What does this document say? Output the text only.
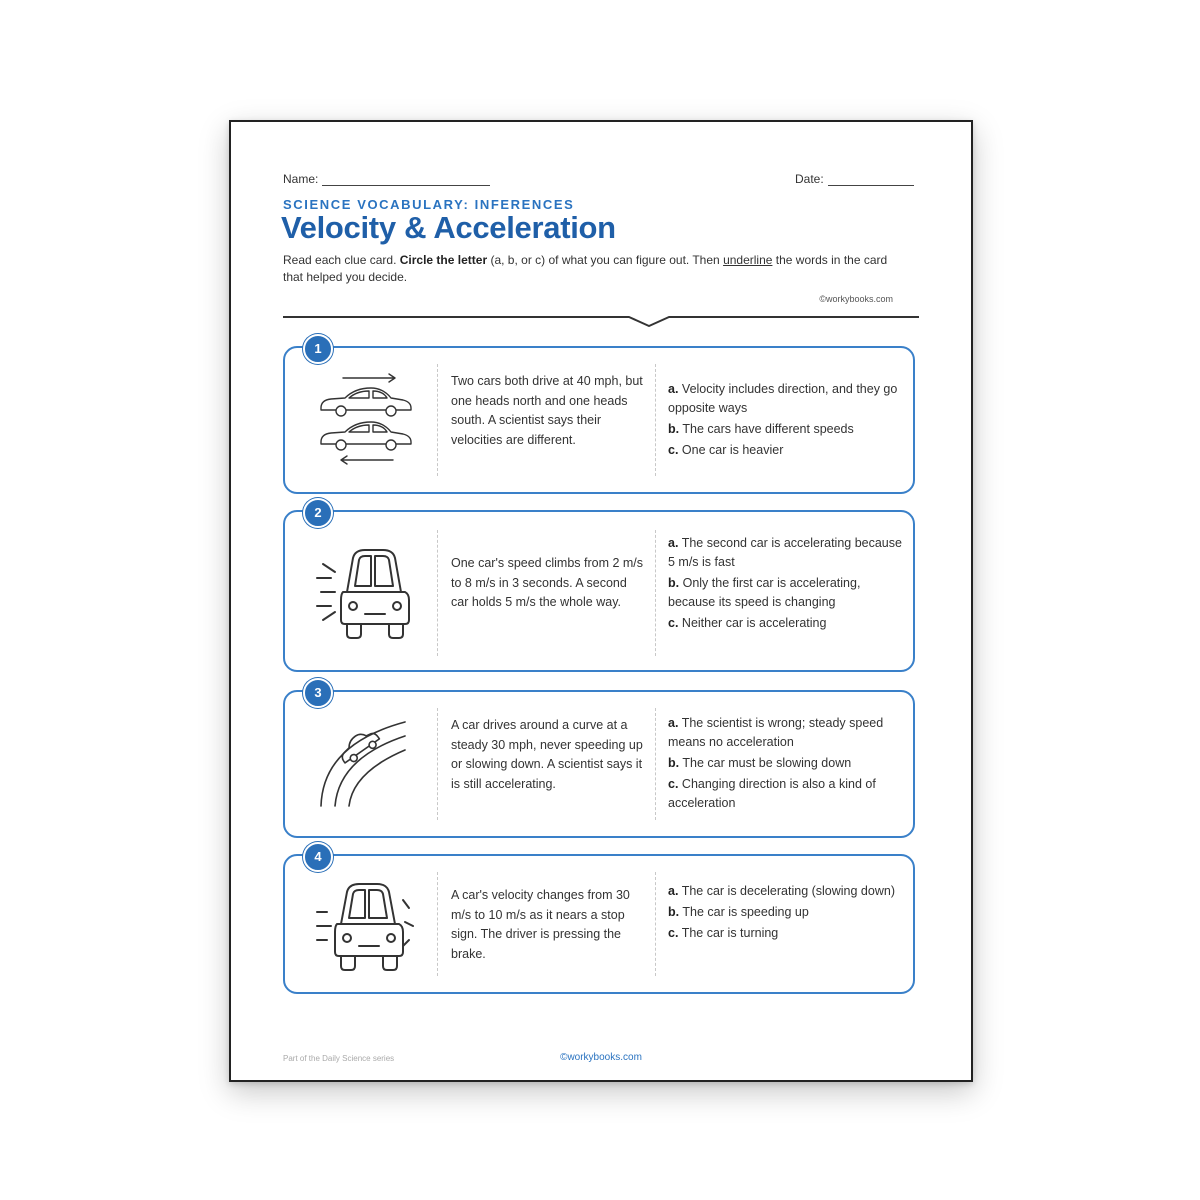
Name:	Date:
SCIENCE VOCABULARY: INFERENCES
Velocity & Acceleration
Read each clue card. Circle the letter (a, b, or c) of what you can figure out. Then underline the words in the card that helped you decide.
©workybooks.com
Two cars both drive at 40 mph, but one heads north and one heads south. A scientist says their velocities are different.
a. Velocity includes direction, and they go opposite ways
b. The cars have different speeds
c. One car is heavier
1
One car's speed climbs from 2 m/s to 8 m/s in 3 seconds. A second car holds 5 m/s the whole way.
a. The second car is accelerating because 5 m/s is fast
b. Only the first car is accelerating, because its speed is changing
c. Neither car is accelerating
2
A car drives around a curve at a steady 30 mph, never speeding up or slowing down. A scientist says it is still accelerating.
a. The scientist is wrong; steady speed means no acceleration
b. The car must be slowing down
c. Changing direction is also a kind of acceleration
3
A car's velocity changes from 30 m/s to 10 m/s as it nears a stop sign. The driver is pressing the brake.
a. The car is decelerating (slowing down)
b. The car is speeding up
c. The car is turning
4
Part of the Daily Science series	©workybooks.com
